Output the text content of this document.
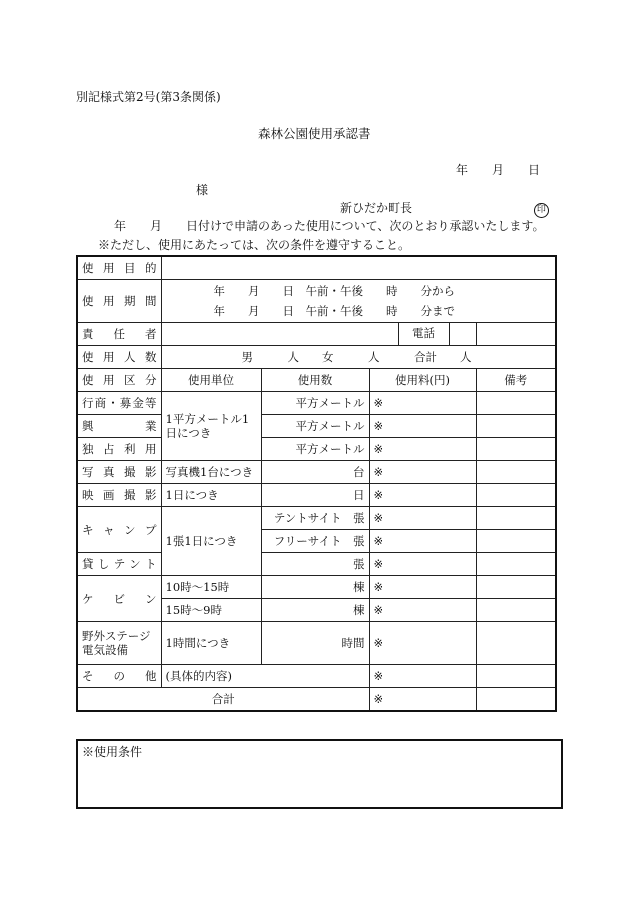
別記様式第2号(第3条関係)
森林公園使用承認書
年　　月　　日
様
新ひだか町長	印
年　　月　　日付けで申請のあった使用について、次のとおり承認いたします。
※ただし、使用にあたっては、次の条件を遵守すること。
使用目的				
使用期間	年　　月　　日　午前・午後　　時　　分から
年　　月　　日　午前・午後　　時　　分まで			

責任者	電話			

使用人数	男　　　人　　女　　　人　　　合計　　人			
使用区分	使用単位	使用数	使用料(円)	備考
行商・募金等	1平方メートル1日につき	平方メートル	※	
興業		平方メートル	※	
独占利用		平方メートル	※	
写真撮影	写真機1台につき	台	※	
映画撮影	1日につき	日	※	
キャンプ	1張1日につき	テントサイト　張	※	
		フリーサイト　張	※	
貸しテント		張	※	
ケビン	10時〜15時	棟	※	
	15時〜9時	棟	※	
野外ステージ電気設備	1時間につき	時間	※	
その他	(具体的内容)		※	
合計			※	
※使用条件
